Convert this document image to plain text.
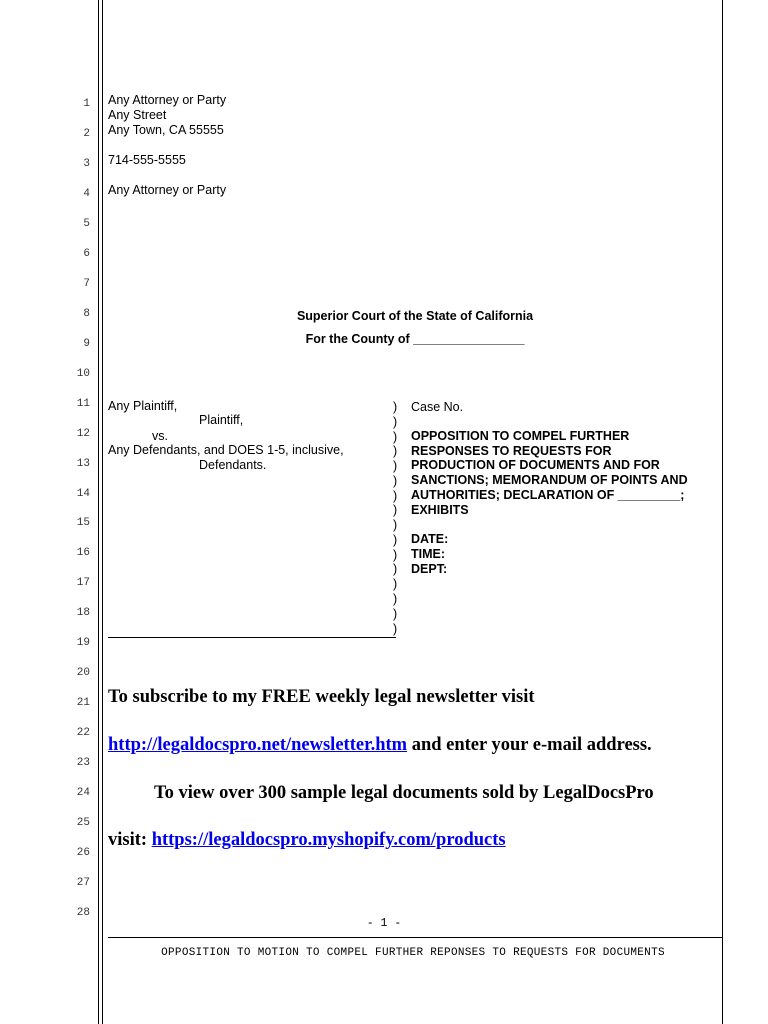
1
2
3
4
5
6
7
8
9
10
11
12
13
14
15
16
17
18
19
20
21
22
23
24
25
26
27
28
Any Attorney or Party
Any Street
Any Town, CA 55555
714-555-5555
Any Attorney or Party
Superior Court of the State of California
For the County of ________________
Any Plaintiff,
Plaintiff,
vs.
Any Defendants, and DOES 1-5, inclusive,
Defendants.
)
)
)
)
)
)
)
)
)
)
)
)
)
)
)
)
Case No.
OPPOSITION TO COMPEL FURTHER
RESPONSES TO REQUESTS FOR
PRODUCTION OF DOCUMENTS AND FOR
SANCTIONS; MEMORANDUM OF POINTS AND
AUTHORITIES; DECLARATION OF _________;
EXHIBITS
DATE:
TIME:
DEPT:
To subscribe to my FREE weekly legal newsletter visit
http://legaldocspro.net/newsletter.htm and enter your e-mail address.
To view over 300 sample legal documents sold by LegalDocsPro
visit: https://legaldocspro.myshopify.com/products
- 1 -
OPPOSITION TO MOTION TO COMPEL FURTHER REPONSES TO REQUESTS FOR DOCUMENTS
